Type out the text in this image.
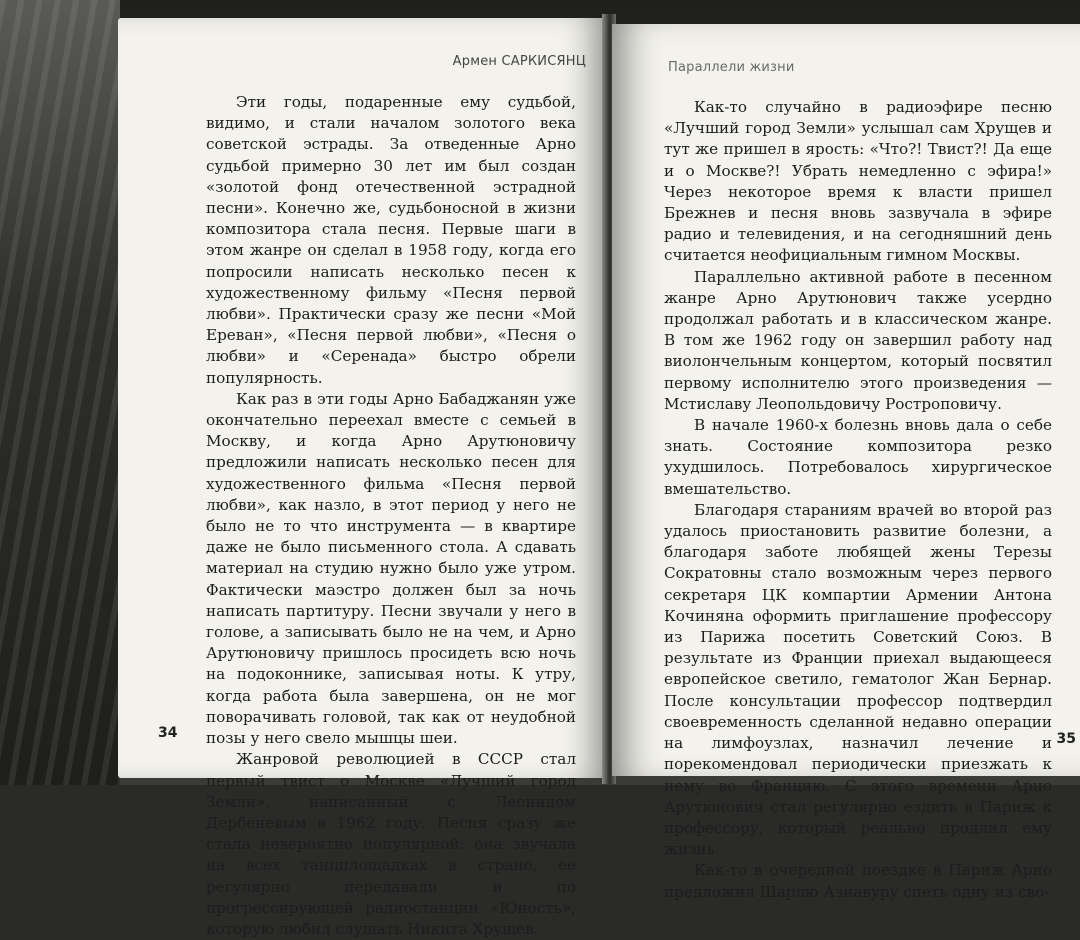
Армен САРКИСЯНЦ

Эти годы, подаренные ему судьбой, видимо, и стали началом золотого века советской эстрады. За отведенные Арно судьбой примерно 30 лет им был создан «золотой фонд отечественной эстрадной песни». Конечно же, судьбоносной в жизни композитора стала песня. Первые шаги в этом жанре он сделал в 1958 году, когда его попросили написать несколько песен к художественному фильму «Песня первой любви». Практически сразу же песни «Мой Ереван», «Песня первой любви», «Песня о любви» и «Серенада» быстро обрели популярность.

Как раз в эти годы Арно Бабаджанян уже окончательно переехал вместе с семьей в Москву, и когда Арно Арутюновичу предложили написать несколько песен для художественного фильма «Песня первой любви», как назло, в этот период у него не было не то что инструмента — в квартире даже не было письменного стола. А сдавать материал на студию нужно было уже утром. Фактически маэстро должен был за ночь написать партитуру. Песни звучали у него в голове, а записывать было не на чем, и Арно Арутюновичу пришлось просидеть всю ночь на подоконнике, записывая ноты. К утру, когда работа была завершена, он не мог поворачивать головой, так как от неудобной позы у него свело мышцы шеи.

Жанровой революцией в СССР стал первый твист о Москве «Лучший город Земли», написанный с Леонидом Дербеневым в 1962 году. Песня сразу же стала невероятно популярной: она звучала на всех танцплощадках в стране, ее регулярно передавали и по прогрессирующей радиостанции «Юность», которую любил слушать Никита Хрущев.

34
Параллели жизни

Как-то случайно в радиоэфире песню «Лучший город Земли» услышал сам Хрущев и тут же пришел в ярость: «Что?! Твист?! Да еще и о Москве?! Убрать немедленно с эфира!» Через некоторое время к власти пришел Брежнев и песня вновь зазвучала в эфире радио и телевидения, и на сегодняшний день считается неофициальным гимном Москвы.

Параллельно активной работе в песенном жанре Арно Арутюнович также усердно продолжал работать и в классическом жанре. В том же 1962 году он завершил работу над виолончельным концертом, который посвятил первому исполнителю этого произведения — Мстиславу Леопольдовичу Ростроповичу.

В начале 1960-х болезнь вновь дала о себе знать. Состояние композитора резко ухудшилось. Потребовалось хирургическое вмешательство.

Благодаря стараниям врачей во второй раз удалось приостановить развитие болезни, а благодаря заботе любящей жены Терезы Сократовны стало возможным через первого секретаря ЦК компартии Армении Антона Кочиняна оформить приглашение профессору из Парижа посетить Советский Союз. В результате из Франции приехал выдающееся европейское светило, гематолог Жан Бернар. После консультации профессор подтвердил своевременность сделанной недавно операции на лимфоузлах, назначил лечение и порекомендовал периодически приезжать к нему во Францию. С этого времени Арно Арутюнович стал регулярно ездить в Париж к профессору, который реально продлил ему жизнь.

Как-то в очередной поездке в Париж Арно предложил Шарлю Азнавуру спеть одну из сво-

35
